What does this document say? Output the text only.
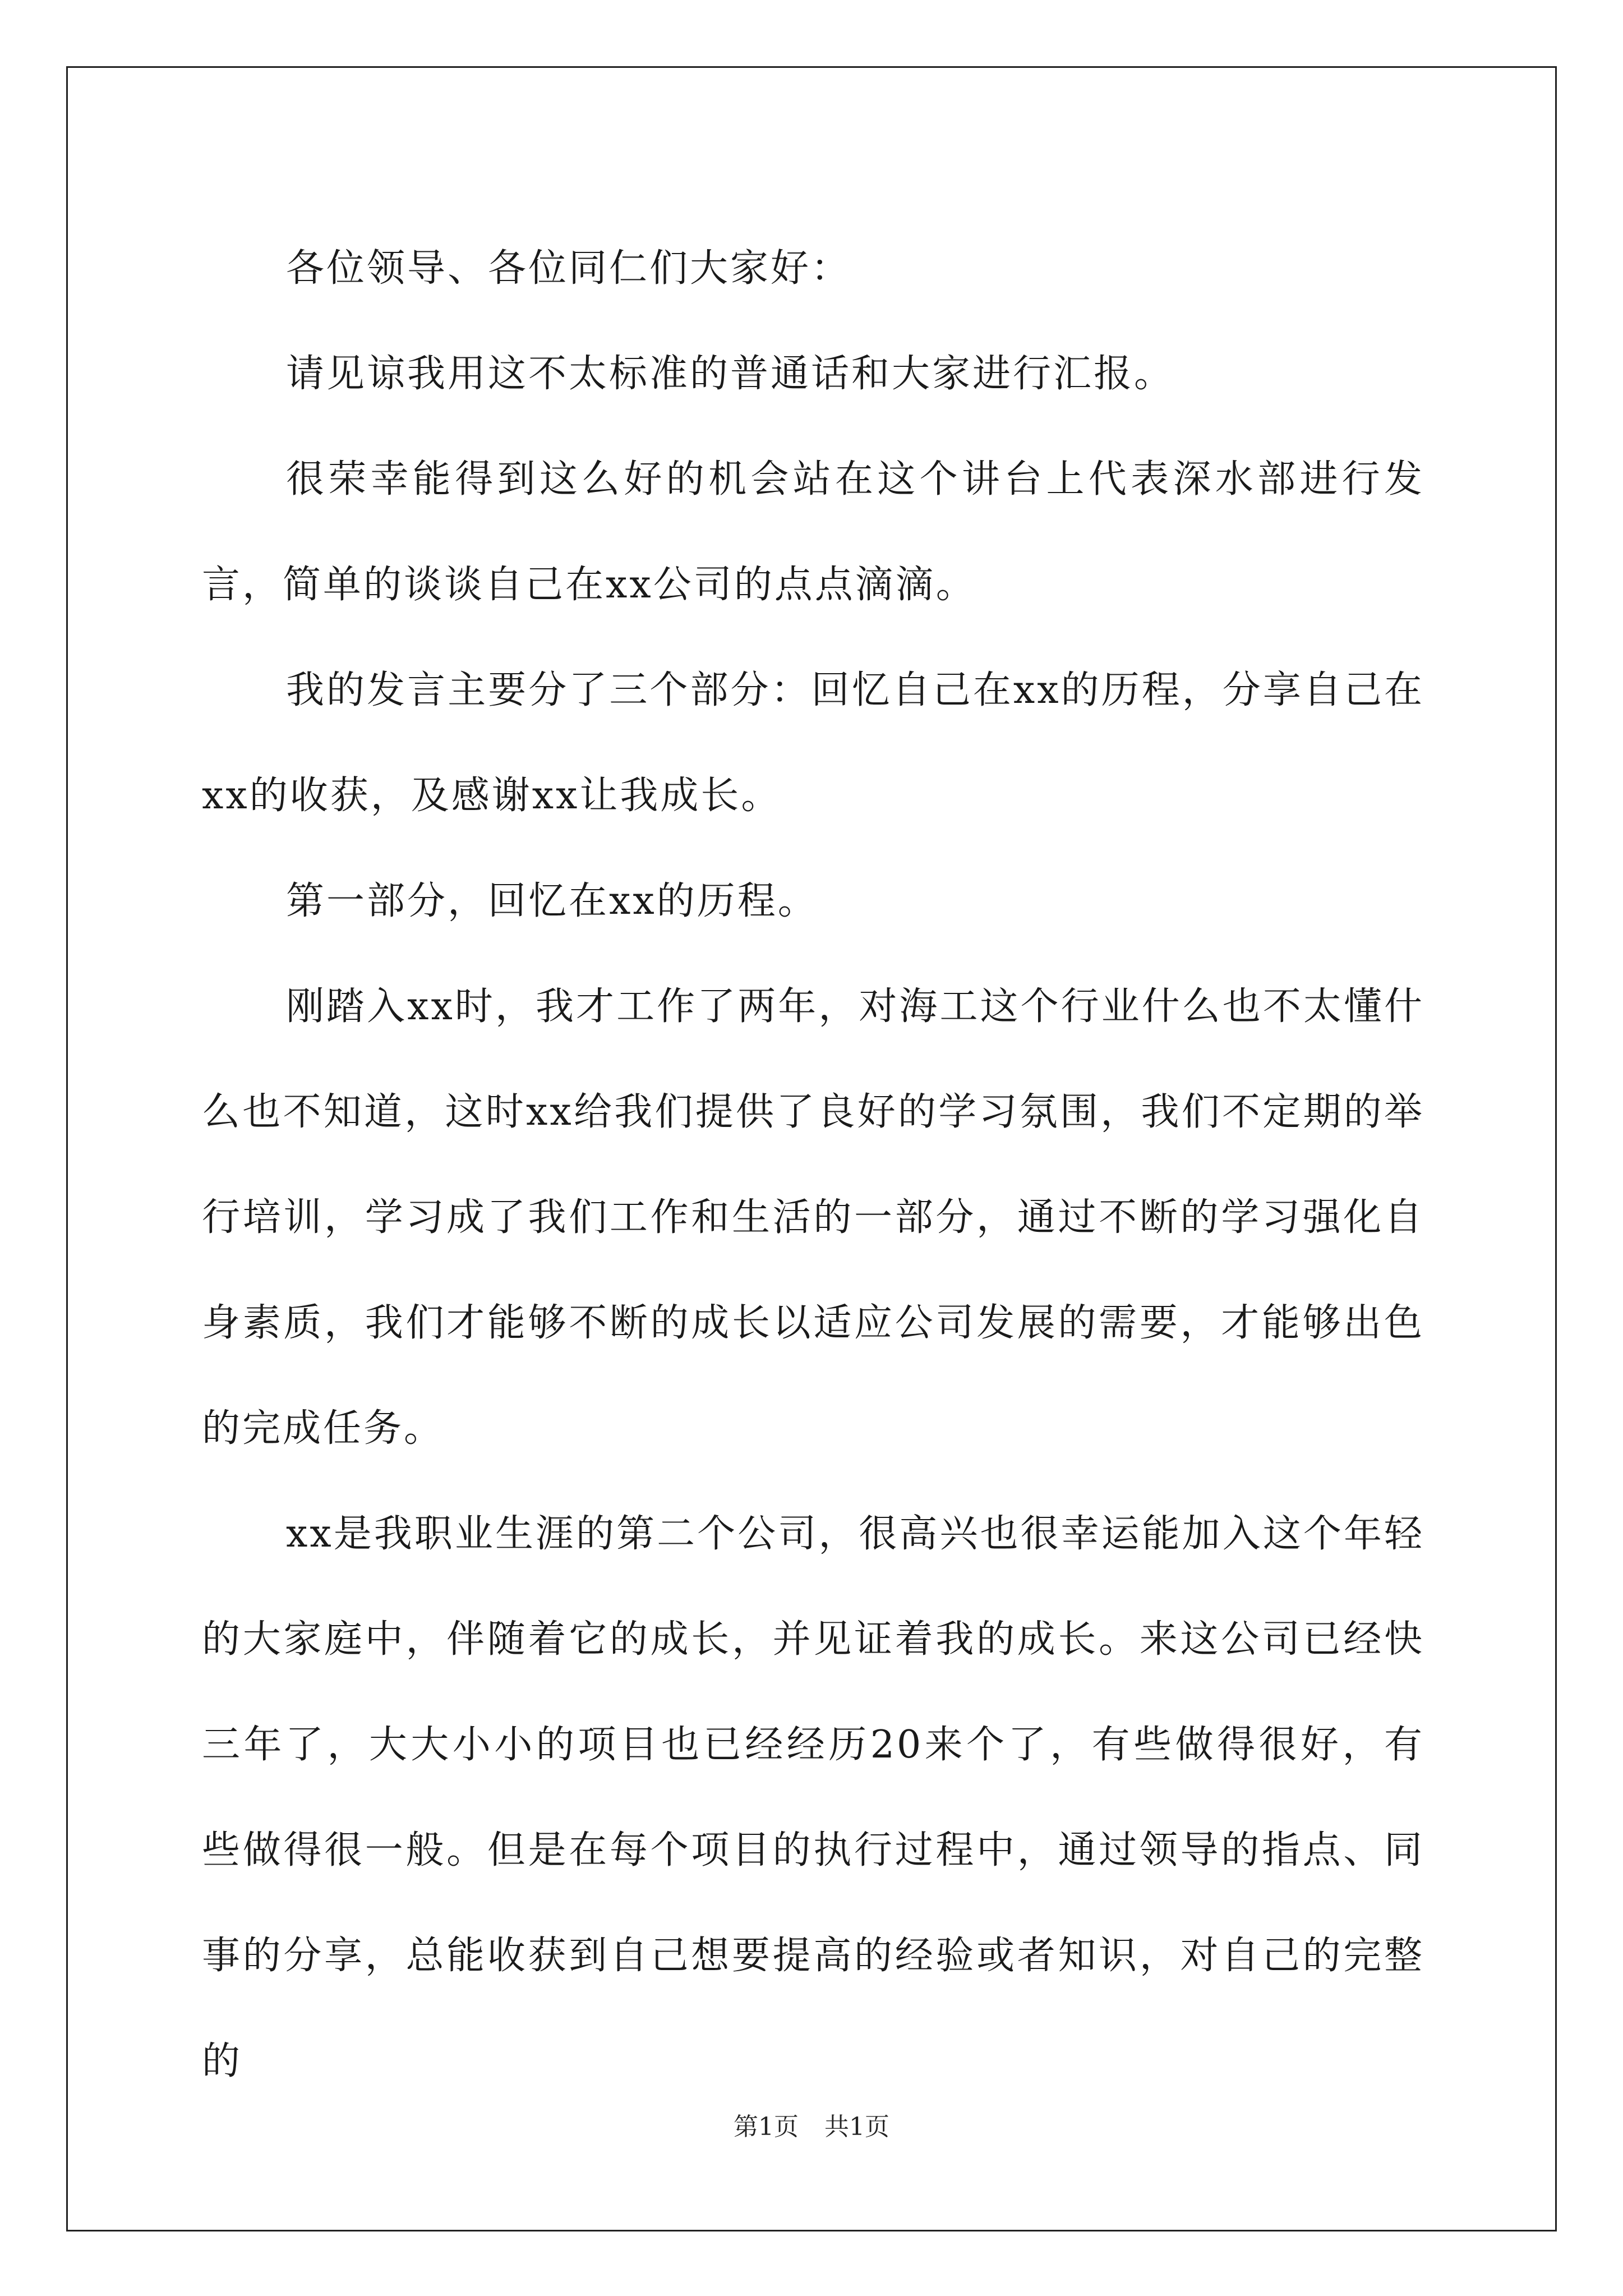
各位领导、各位同仁们大家好：

请见谅我用这不太标准的普通话和大家进行汇报。

很荣幸能得到这么好的机会站在这个讲台上代表深水部进行发言，简单的谈谈自己在xx公司的点点滴滴。

我的发言主要分了三个部分：回忆自己在xx的历程，分享自己在xx的收获，及感谢xx让我成长。

第一部分，回忆在xx的历程。

刚踏入xx时，我才工作了两年，对海工这个行业什么也不太懂什么也不知道，这时xx给我们提供了良好的学习氛围，我们不定期的举行培训，学习成了我们工作和生活的一部分，通过不断的学习强化自身素质，我们才能够不断的成长以适应公司发展的需要，才能够出色的完成任务。

xx是我职业生涯的第二个公司，很高兴也很幸运能加入这个年轻的大家庭中，伴随着它的成长，并见证着我的成长。来这公司已经快三年了，大大小小的项目也已经经历20来个了，有些做得很好，有些做得很一般。但是在每个项目的执行过程中，通过领导的指点、同事的分享，总能收获到自己想要提高的经验或者知识，对自己的完整的

第1页 共1页
